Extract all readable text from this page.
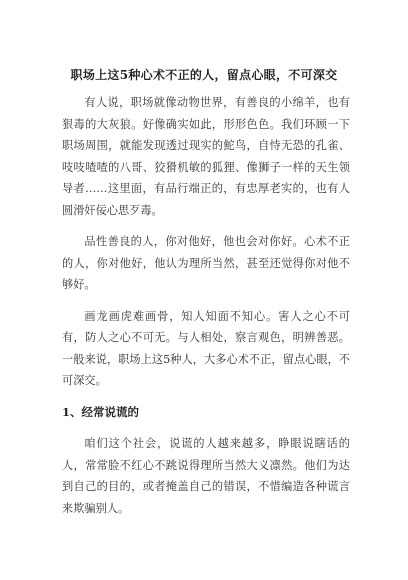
职场上这5种心术不正的人，留点心眼，不可深交

有人说，职场就像动物世界，有善良的小绵羊，也有狠毒的大灰狼。好像确实如此，形形色色。我们环顾一下职场周围，就能发现透过现实的鮀鸟，自恃无恐的孔雀、吱吱喳喳的八哥、狡猾机敏的狐狸、像狮子一样的天生领导者……这里面，有品行端正的，有忠厚老实的，也有人圆滑奸佞心思歹毒。

品性善良的人，你对他好，他也会对你好。心术不正的人，你对他好，他认为理所当然，甚至还觉得你对他不够好。

画龙画虎难画骨，知人知面不知心。害人之心不可有，防人之心不可无。与人相处，察言观色，明辨善恶。一般来说，职场上这5种人，大多心术不正，留点心眼，不可深交。

1、经常说谎的

咱们这个社会，说谎的人越来越多，睁眼说瞎话的人，常常脸不红心不跳说得理所当然大义凛然。他们为达到自己的目的，或者掩盖自己的错误，不惜编造各种谎言来欺骗别人。
